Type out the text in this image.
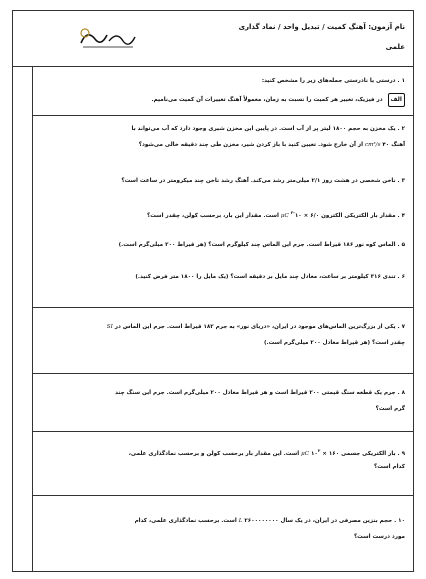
نام آزمون: آهنگ کمیت / تبدیل واحد / نماد گذاری
علمی
۱ . درستی یا نادرستی جمله‌های زیر را مشخص کنید:
الف در فیزیک، تغییر هر کمیت را نسبت به زمان، معمولاً آهنگ تغییرات آن کمیت می‌نامیم.
۲ . یک مخزن به حجم ۱۸۰۰ لیتر پر از آب است. در پایین این مخزن شیری وجود دارد که آب می‌تواند با
آهنگ cm³/s ۴۰ از آن خارج شود. تعیین کنید با باز کردن شیر، مخزن طی چند دقیقه خالی می‌شود؟
۳ . ناخن شخصی در هشت روز ۲/۱ میلی‌متر رشد می‌کند. آهنگ رشد ناخن چند میکرومتر در ساعت است؟
۴ . مقدار بار الکتریکی الکترون ۶/۰ × $۱۰^{-۲}$ μC است. مقدار این بار، برحسب کولن، چقدر است؟
۵ . الماس کوه نور ۱۸۶ قیراط است. جرم این الماس چند کیلوگرم است؟ (هر قیراط ۲۰۰ میلی‌گرم است.)
۶ . تندی ۳۱۶ کیلومتر بر ساعت، معادل چند مایل بر دقیقه است؟ (یک مایل را ۱۸۰۰ متر فرض کنید.)
۷ . یکی از بزرگ‌ترین الماس‌های موجود در ایران، «دریای نور» به جرم ۱۸۲ قیراط است. جرم این الماس در SI
چقدر است؟ (هر قیراط معادل ۲۰۰ میلی‌گرم است.)
۸ . جرم یک قطعه سنگ قیمتی ۲۰۰ قیراط است و هر قیراط معادل ۲۰۰ میلی‌گرم است. جرم این سنگ چند
گرم است؟
۹ . بار الکتریکی جسمی ۱۶۰ × $۱۰^۲$ μC است. این مقدار بار برحسب کولن و برحسب نمادگذاری علمی،
کدام است؟
۱۰ . حجم بنزین مصرفی در ایران، در یک سال ۲۶۰۰۰۰۰۰۰۰ L است. برحسب نمادگذاری علمی، کدام
مورد درست است؟
